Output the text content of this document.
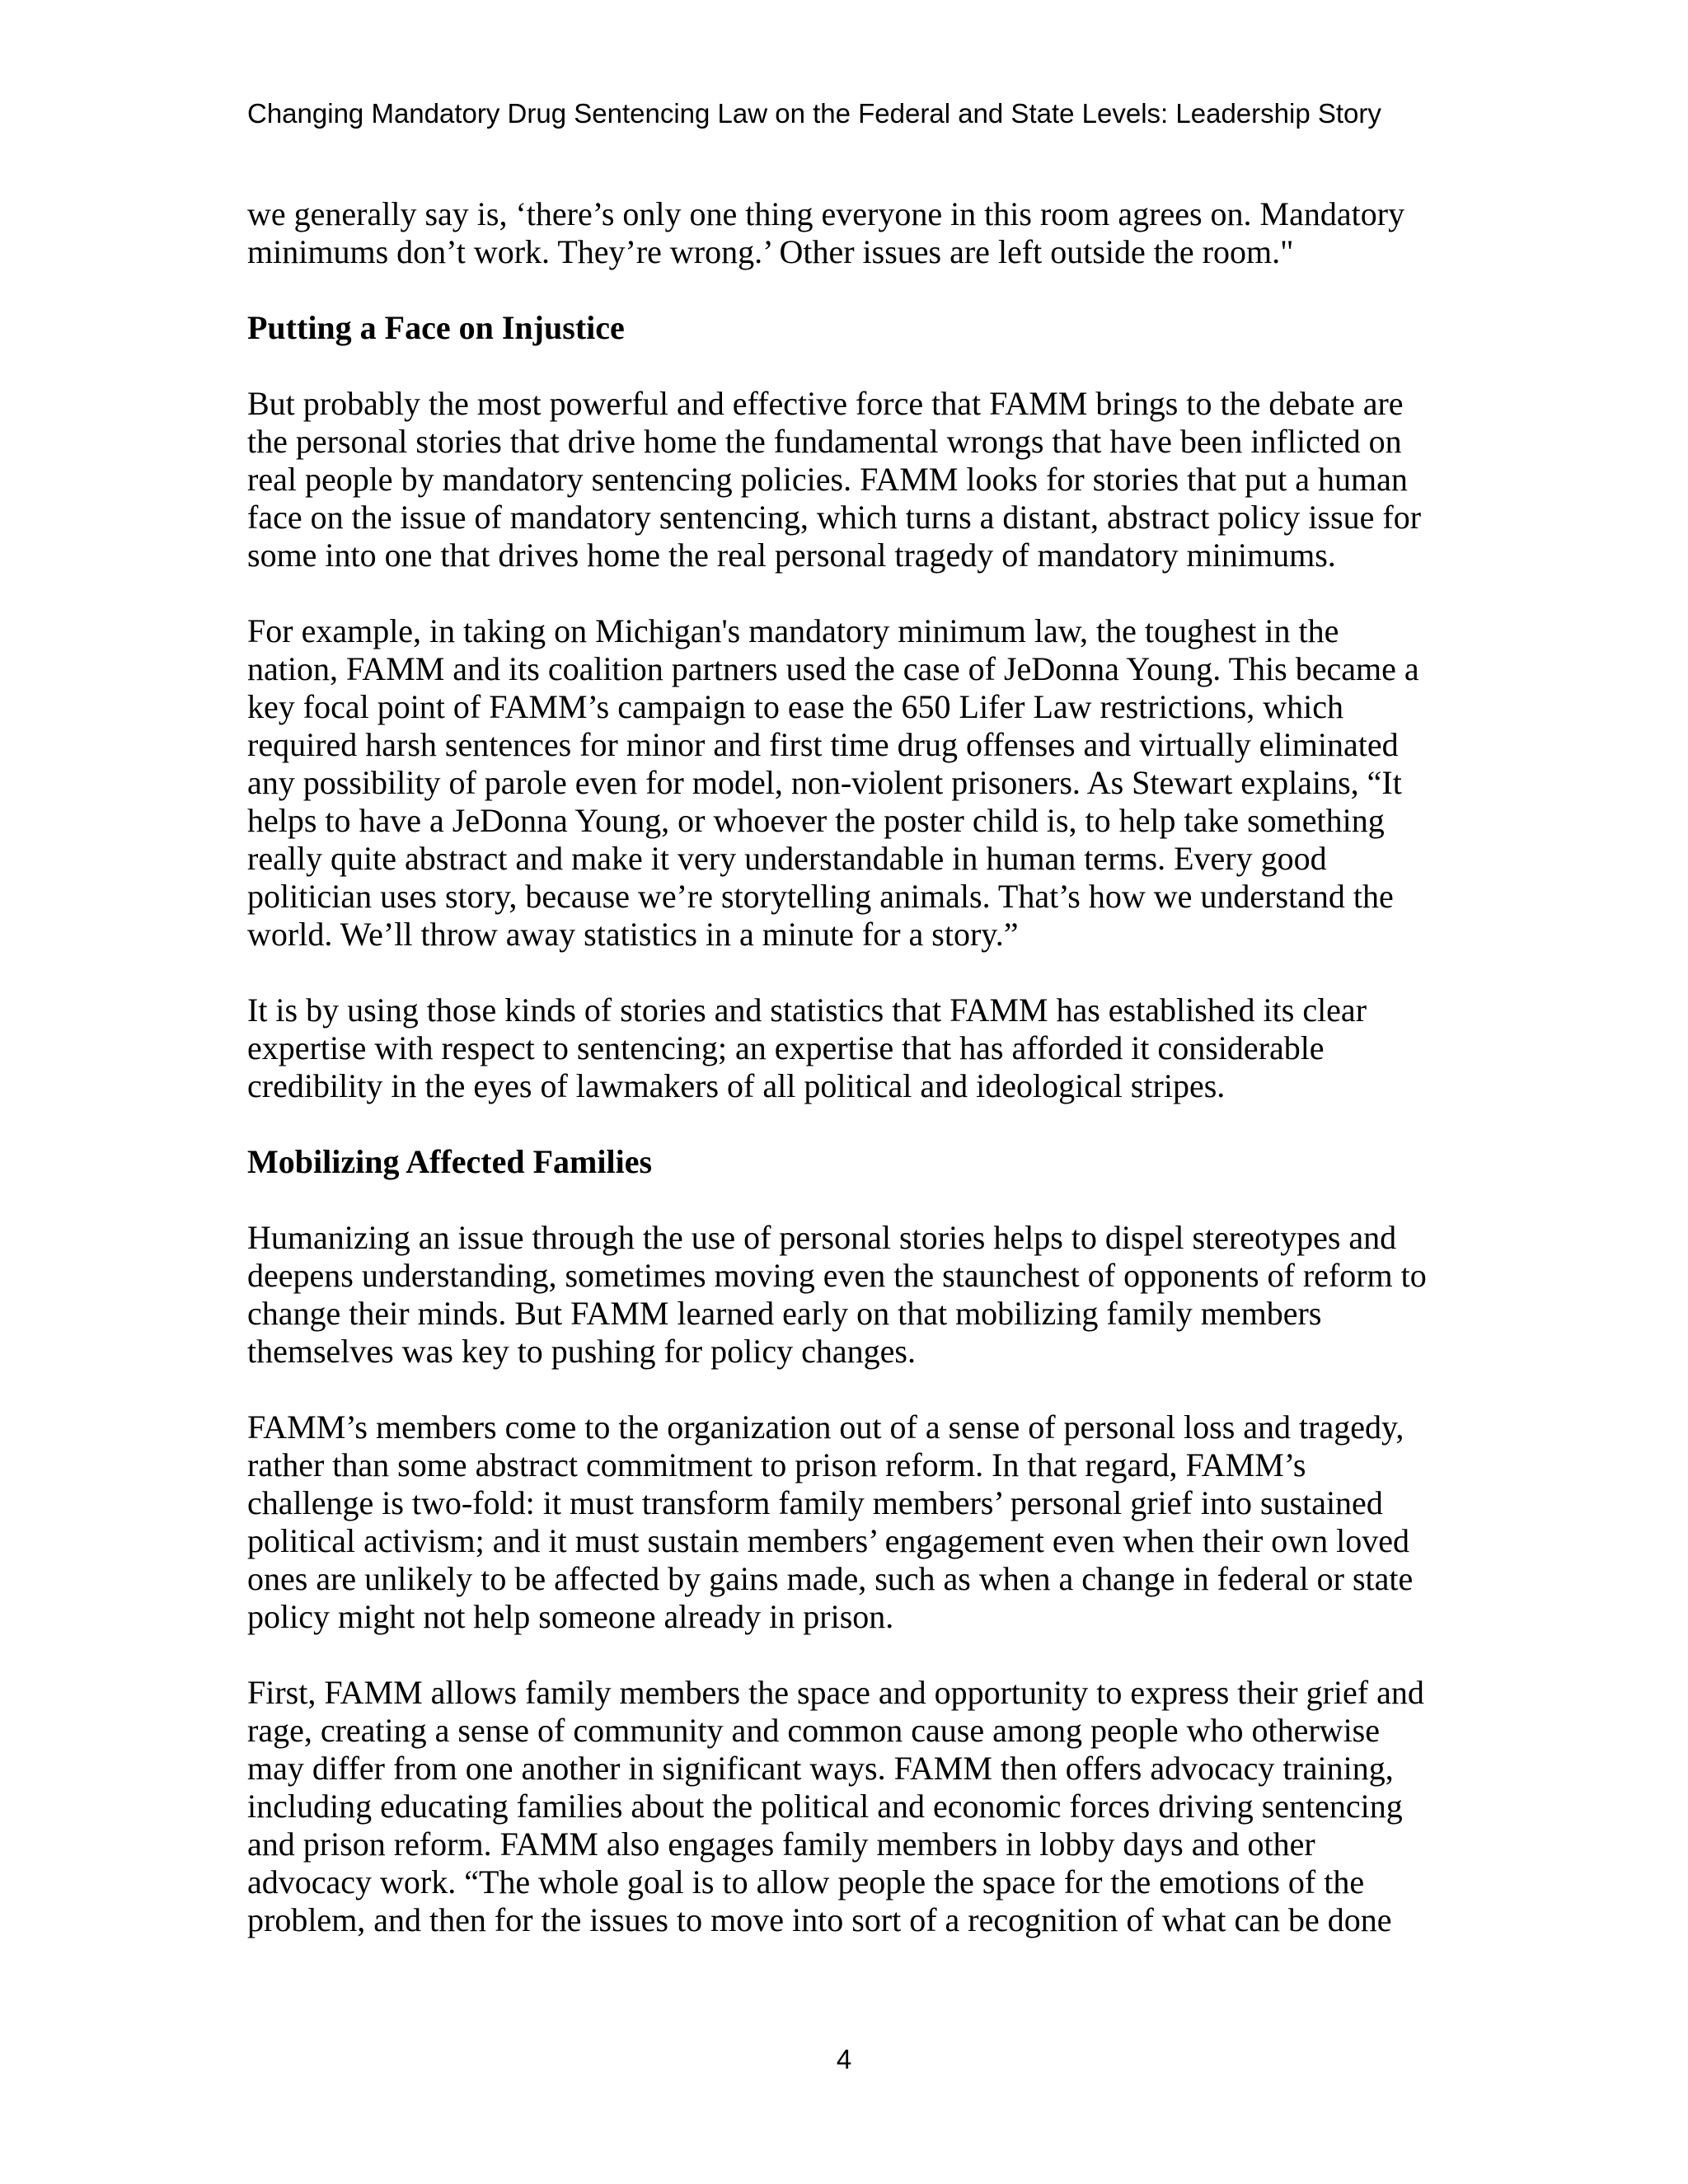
Changing Mandatory Drug Sentencing Law on the Federal and State Levels: Leadership Story

we generally say is, ‘there’s only one thing everyone in this room agrees on. Mandatory
minimums don’t work. They’re wrong.’ Other issues are left outside the room."

Putting a Face on Injustice

But probably the most powerful and effective force that FAMM brings to the debate are
the personal stories that drive home the fundamental wrongs that have been inflicted on
real people by mandatory sentencing policies. FAMM looks for stories that put a human
face on the issue of mandatory sentencing, which turns a distant, abstract policy issue for
some into one that drives home the real personal tragedy of mandatory minimums.

For example, in taking on Michigan's mandatory minimum law, the toughest in the
nation, FAMM and its coalition partners used the case of JeDonna Young. This became a
key focal point of FAMM’s campaign to ease the 650 Lifer Law restrictions, which
required harsh sentences for minor and first time drug offenses and virtually eliminated
any possibility of parole even for model, non-violent prisoners. As Stewart explains, “It
helps to have a JeDonna Young, or whoever the poster child is, to help take something
really quite abstract and make it very understandable in human terms. Every good
politician uses story, because we’re storytelling animals. That’s how we understand the
world. We’ll throw away statistics in a minute for a story.”

It is by using those kinds of stories and statistics that FAMM has established its clear
expertise with respect to sentencing; an expertise that has afforded it considerable
credibility in the eyes of lawmakers of all political and ideological stripes.

Mobilizing Affected Families

Humanizing an issue through the use of personal stories helps to dispel stereotypes and
deepens understanding, sometimes moving even the staunchest of opponents of reform to
change their minds. But FAMM learned early on that mobilizing family members
themselves was key to pushing for policy changes.

FAMM’s members come to the organization out of a sense of personal loss and tragedy,
rather than some abstract commitment to prison reform. In that regard, FAMM’s
challenge is two-fold: it must transform family members’ personal grief into sustained
political activism; and it must sustain members’ engagement even when their own loved
ones are unlikely to be affected by gains made, such as when a change in federal or state
policy might not help someone already in prison.

First, FAMM allows family members the space and opportunity to express their grief and
rage, creating a sense of community and common cause among people who otherwise
may differ from one another in significant ways. FAMM then offers advocacy training,
including educating families about the political and economic forces driving sentencing
and prison reform. FAMM also engages family members in lobby days and other
advocacy work. “The whole goal is to allow people the space for the emotions of the
problem, and then for the issues to move into sort of a recognition of what can be done

4
